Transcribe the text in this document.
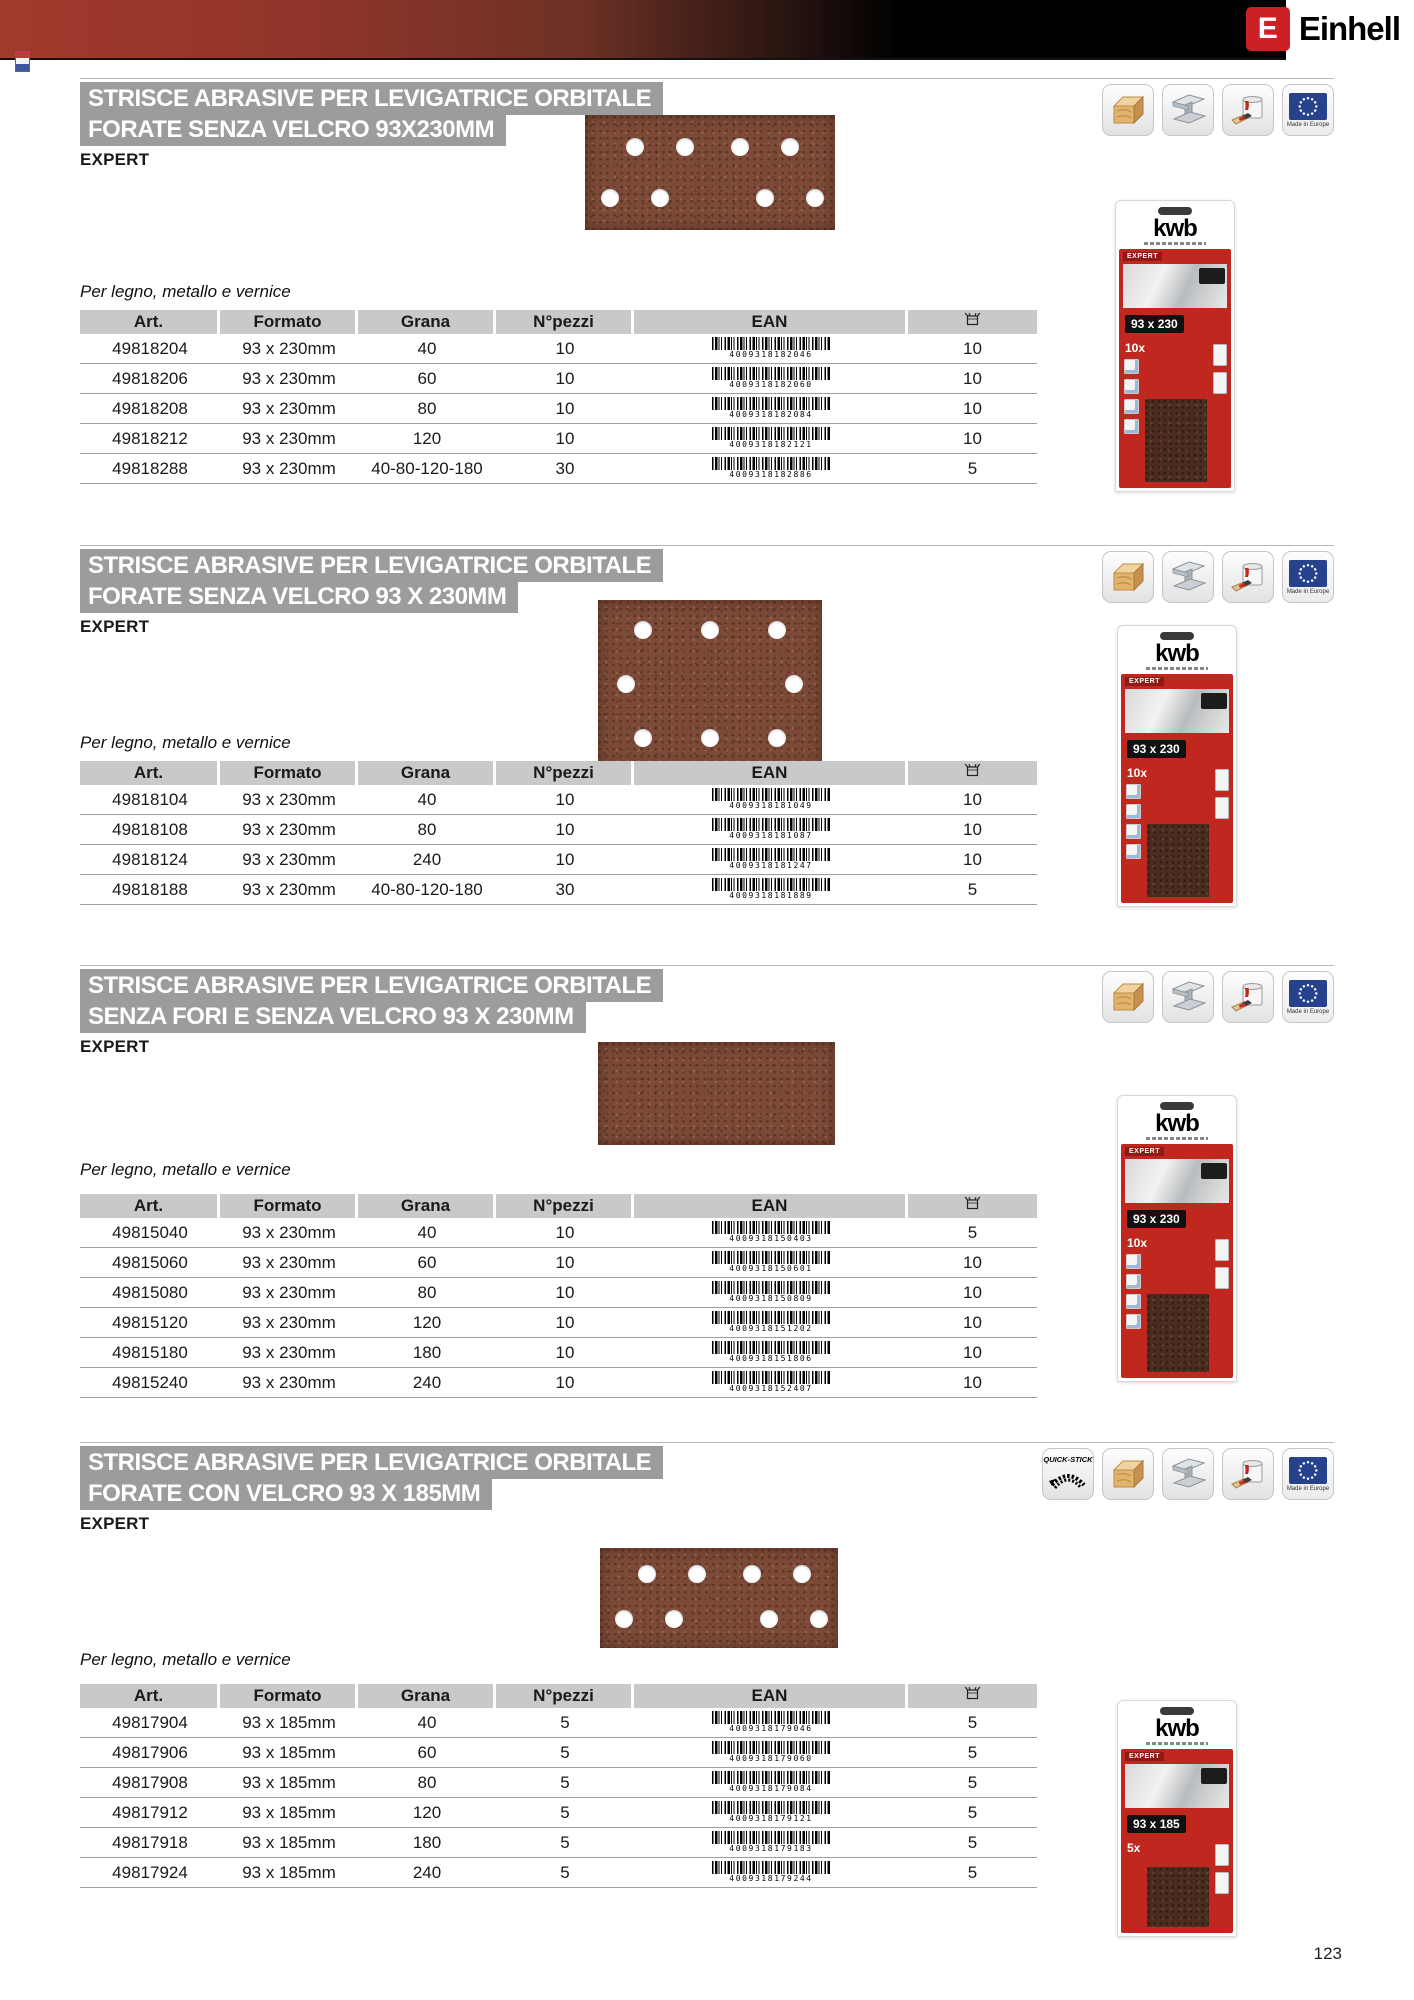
E Einhell
STRISCE ABRASIVE PER LEVIGATRICE ORBITALE
FORATE SENZA VELCRO 93X230MM
EXPERT
Made in Europe
kwb
EXPERT
93 x 230
10x
Per legno, metallo e vernice
Art.	Formato	Grana	N°pezzi	EAN
49818204	93 x 230mm	40	10	4009318182046	10
49818206	93 x 230mm	60	10	4009318182060	10
49818208	93 x 230mm	80	10	4009318182084	10
49818212	93 x 230mm	120	10	4009318182121	10
49818288	93 x 230mm	40-80-120-180	30	4009318182886	5
STRISCE ABRASIVE PER LEVIGATRICE ORBITALE
FORATE SENZA VELCRO 93 X 230MM
EXPERT
Made in Europe
kwb
EXPERT
93 x 230
10x
Per legno, metallo e vernice
Art.	Formato	Grana	N°pezzi	EAN
49818104	93 x 230mm	40	10	4009318181049	10
49818108	93 x 230mm	80	10	4009318181087	10
49818124	93 x 230mm	240	10	4009318181247	10
49818188	93 x 230mm	40-80-120-180	30	4009318181889	5
STRISCE ABRASIVE PER LEVIGATRICE ORBITALE
SENZA FORI E SENZA VELCRO 93 X 230MM
EXPERT
Made in Europe
kwb
EXPERT
93 x 230
10x
Per legno, metallo e vernice
Art.	Formato	Grana	N°pezzi	EAN
49815040	93 x 230mm	40	10	4009318150403	5
49815060	93 x 230mm	60	10	4009318150601	10
49815080	93 x 230mm	80	10	4009318150809	10
49815120	93 x 230mm	120	10	4009318151202	10
49815180	93 x 230mm	180	10	4009318151806	10
49815240	93 x 230mm	240	10	4009318152407	10
STRISCE ABRASIVE PER LEVIGATRICE ORBITALE
FORATE CON VELCRO 93 X 185MM
EXPERT
QUICK-STICK
Made in Europe
kwb
EXPERT
93 x 185
5x
Per legno, metallo e vernice
Art.	Formato	Grana	N°pezzi	EAN
49817904	93 x 185mm	40	5	4009318179046	5
49817906	93 x 185mm	60	5	4009318179060	5
49817908	93 x 185mm	80	5	4009318179084	5
49817912	93 x 185mm	120	5	4009318179121	5
49817918	93 x 185mm	180	5	4009318179183	5
49817924	93 x 185mm	240	5	4009318179244	5
123
